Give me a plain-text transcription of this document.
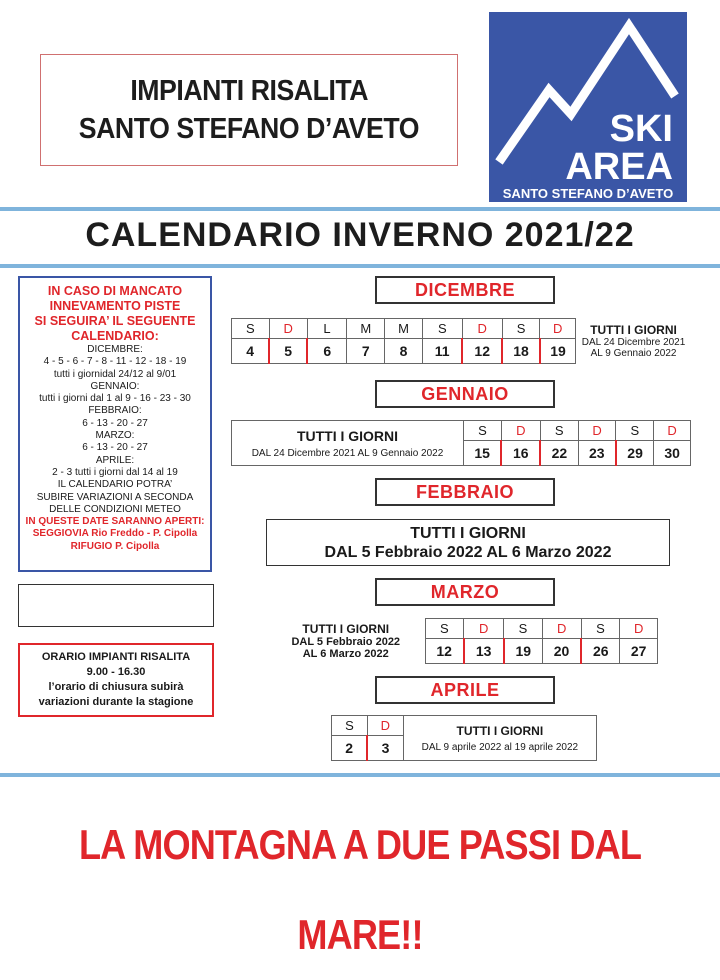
IMPIANTI RISALITA
SANTO STEFANO D’AVETO	SKI
AREA
SANTO STEFANO D’AVETO
CALENDARIO INVERNO 2021/22
IN CASO DI MANCATO
INNEVAMENTO PISTE
SI SEGUIRA’ IL SEGUENTE
CALENDARIO:
DICEMBRE:
4 - 5 - 6 - 7 - 8 - 11 - 12 - 18 - 19
tutti i giornidal 24/12 al 9/01
GENNAIO:
tutti i giorni dal 1 al 9 - 16 - 23 - 30
FEBBRAIO:
6 - 13 - 20 - 27
MARZO:
6 - 13 - 20 - 27
APRILE:
2 - 3 tutti i giorni dal 14 al 19
IL CALENDARIO POTRA’
SUBIRE VARIAZIONI A SECONDA
DELLE CONDIZIONI METEO
IN QUESTE DATE SARANNO APERTI:
SEGGIOVIA Rio Freddo - P. Cipolla
RIFUGIO P. Cipolla
ORARIO IMPIANTI RISALITA
9.00 - 16.30
l’orario di chiusura subirà
variazioni durante la stagione
DICEMBRE
S	D	L	M	M	S	D	S	D	TUTTI I GIORNI
DAL 24 Dicembre 2021
AL 9 Gennaio 2022

4	5	6	7	8	11	12	18	19	
GENNAIO
TUTTI I GIORNI
DAL 24 Dicembre 2021 AL 9 Gennaio 2022	S	D	S	D	S	D
	15	16	22	23	29	30
FEBBRAIO
TUTTI I GIORNI
DAL 5 Febbraio 2022 AL 6 Marzo 2022
MARZO
TUTTI I GIORNI
DAL 5 Febbraio 2022
AL 6 Marzo 2022	S	D	S	D	S	D
	12	13	19	20	26	27
APRILE
S	D	TUTTI I GIORNI
DAL 9 aprile 2022 al 19 aprile 2022

2	3	
LA MONTAGNA A DUE PASSI DAL MARE!!
